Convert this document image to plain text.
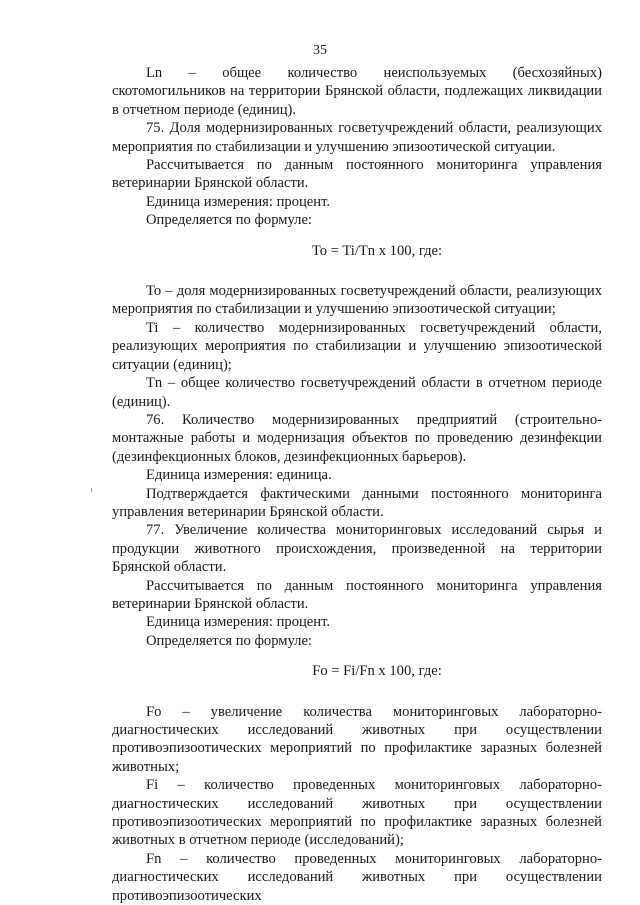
35

Ln – общее количество неиспользуемых (бесхозяйных) скотомогильников на территории Брянской области, подлежащих ликвидации в отчетном периоде (единиц).

75. Доля модернизированных госветучреждений области, реализующих мероприятия по стабилизации и улучшению эпизоотической ситуации.

Рассчитывается по данным постоянного мониторинга управления ветеринарии Брянской области.

Единица измерения: процент.

Определяется по формуле:

To = Ti/Tn x 100, где:

To – доля модернизированных госветучреждений области, реализующих мероприятия по стабилизации и улучшению эпизоотической ситуации;

Ti – количество модернизированных госветучреждений области, реализующих мероприятия по стабилизации и улучшению эпизоотической ситуации (единиц);

Tn – общее количество госветучреждений области в отчетном периоде (единиц).

76. Количество модернизированных предприятий (строительно-монтажные работы и модернизация объектов по проведению дезинфекции (дезинфекционных блоков, дезинфекционных барьеров).

Единица измерения: единица.

Подтверждается фактическими данными постоянного мониторинга управления ветеринарии Брянской области.

77. Увеличение количества мониторинговых исследований сырья и продукции животного происхождения, произведенной на территории Брянской области.

Рассчитывается по данным постоянного мониторинга управления ветеринарии Брянской области.

Единица измерения: процент.

Определяется по формуле:

Fo = Fi/Fn x 100, где:

Fo – увеличение количества мониторинговых лабораторно-диагностических исследований животных при осуществлении противоэпизоотических мероприятий по профилактике заразных болезней животных;

Fi – количество проведенных мониторинговых лабораторно-диагностических исследований животных при осуществлении противоэпизоотических мероприятий по профилактике заразных болезней животных в отчетном периоде (исследований);

Fn – количество проведенных мониторинговых лабораторно-диагностических исследований животных при осуществлении противоэпизоотических
